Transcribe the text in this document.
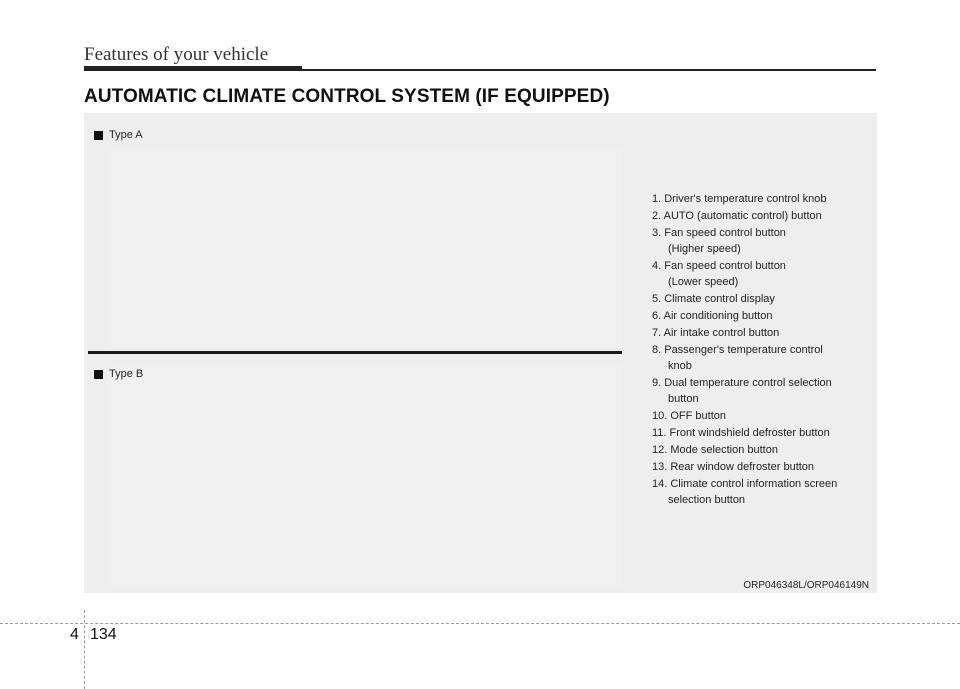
Features of your vehicle
AUTOMATIC CLIMATE CONTROL SYSTEM (IF EQUIPPED)
Type A
Type B
1. Driver's temperature control knob
2. AUTO (automatic control) button
3. Fan speed control button
(Higher speed)
4. Fan speed control button
(Lower speed)
5. Climate control display
6. Air conditioning button
7. Air intake control button
8. Passenger's temperature control
knob
9. Dual temperature control selection
button
10. OFF button
11. Front windshield defroster button
12. Mode selection button
13. Rear window defroster button
14. Climate control information screen
selection button
ORP046348L/ORP046149N
4 134
